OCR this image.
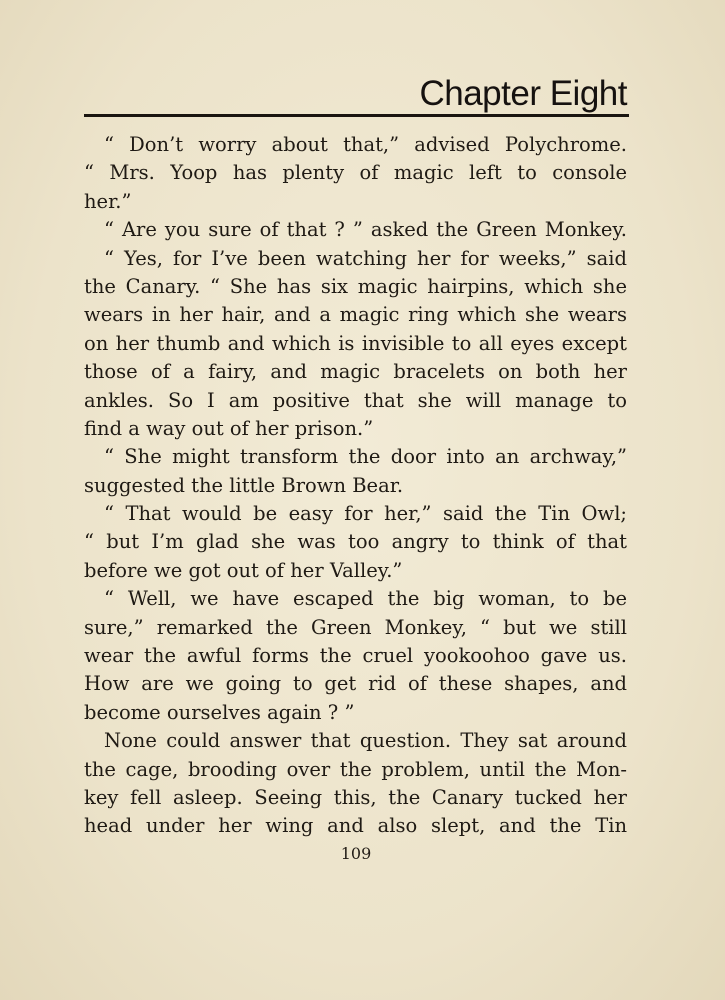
Chapter Eight
“ Don’t worry about that,” advised Polychrome.
“ Mrs. Yoop has plenty of magic left to console
her.”
“ Are you sure of that ? ” asked the Green Monkey.
“ Yes, for I’ve been watching her for weeks,” said
the Canary. “ She has six magic hairpins, which she
wears in her hair, and a magic ring which she wears
on her thumb and which is invisible to all eyes except
those of a fairy, and magic bracelets on both her
ankles. So I am positive that she will manage to
find a way out of her prison.”
“ She might transform the door into an archway,”
suggested the little Brown Bear.
“ That would be easy for her,” said the Tin Owl;
“ but I’m glad she was too angry to think of that
before we got out of her Valley.”
“ Well, we have escaped the big woman, to be
sure,” remarked the Green Monkey, “ but we still
wear the awful forms the cruel yookoohoo gave us.
How are we going to get rid of these shapes, and
become ourselves again ? ”
None could answer that question. They sat around
the cage, brooding over the problem, until the Mon-
key fell asleep. Seeing this, the Canary tucked her
head under her wing and also slept, and the Tin
109
